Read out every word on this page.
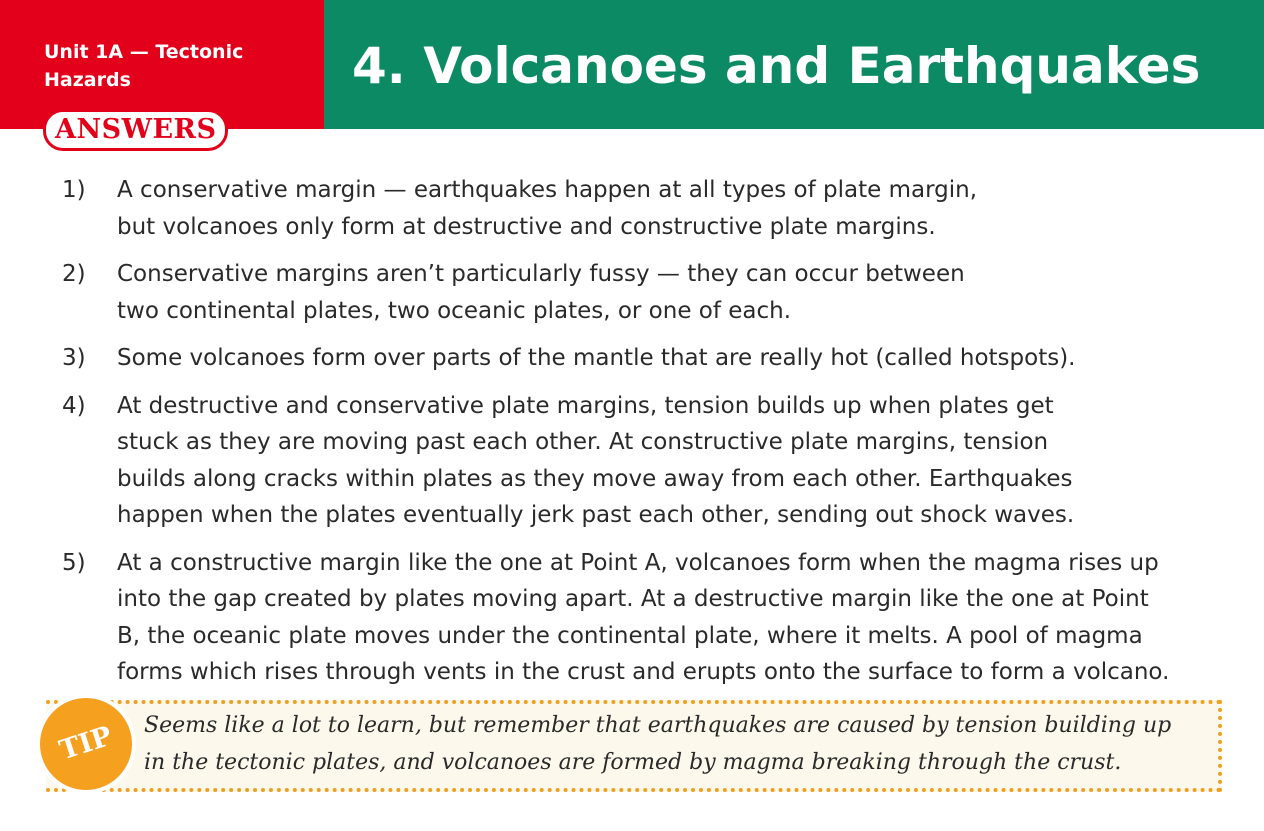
Unit 1A — Tectonic
Hazards	4. Volcanoes and Earthquakes
ANSWERS
1)	A conservative margin — earthquakes happen at all types of plate margin,
but volcanoes only form at destructive and constructive plate margins.
2)	Conservative margins aren’t particularly fussy — they can occur between
two continental plates, two oceanic plates, or one of each.
3)	Some volcanoes form over parts of the mantle that are really hot (called hotspots).
4)	At destructive and conservative plate margins, tension builds up when plates get
stuck as they are moving past each other. At constructive plate margins, tension
builds along cracks within plates as they move away from each other. Earthquakes
happen when the plates eventually jerk past each other, sending out shock waves.
5)	At a constructive margin like the one at Point A, volcanoes form when the magma rises up
into the gap created by plates moving apart. At a destructive margin like the one at Point
B, the oceanic plate moves under the continental plate, where it melts. A pool of magma
forms which rises through vents in the crust and erupts onto the surface to form a volcano.
TIP	Seems like a lot to learn, but remember that earthquakes are caused by tension building up
in the tectonic plates, and volcanoes are formed by magma breaking through the crust.
